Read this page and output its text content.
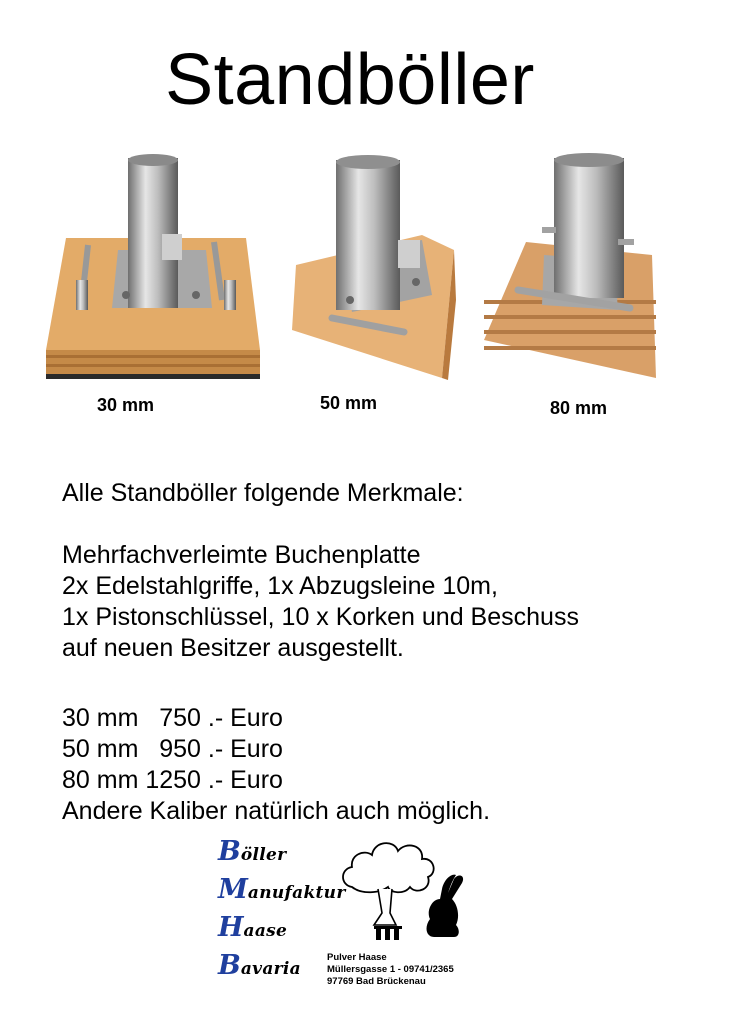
Standböller
30 mm	50 mm	80 mm
Alle Standböller folgende Merkmale:
Mehrfachverleimte Buchenplatte
2x Edelstahlgriffe, 1x Abzugsleine 10m,
1x Pistonschlüssel, 10 x Korken und Beschuss
auf neuen Besitzer ausgestellt.
30 mm   750 .- Euro
50 mm   950 .- Euro
80 mm 1250 .- Euro
Andere Kaliber natürlich auch möglich.
Böller
Manufaktur
Haase
Bavaria
Pulver Haase
Müllersgasse 1 - 09741/2365
97769 Bad Brückenau
